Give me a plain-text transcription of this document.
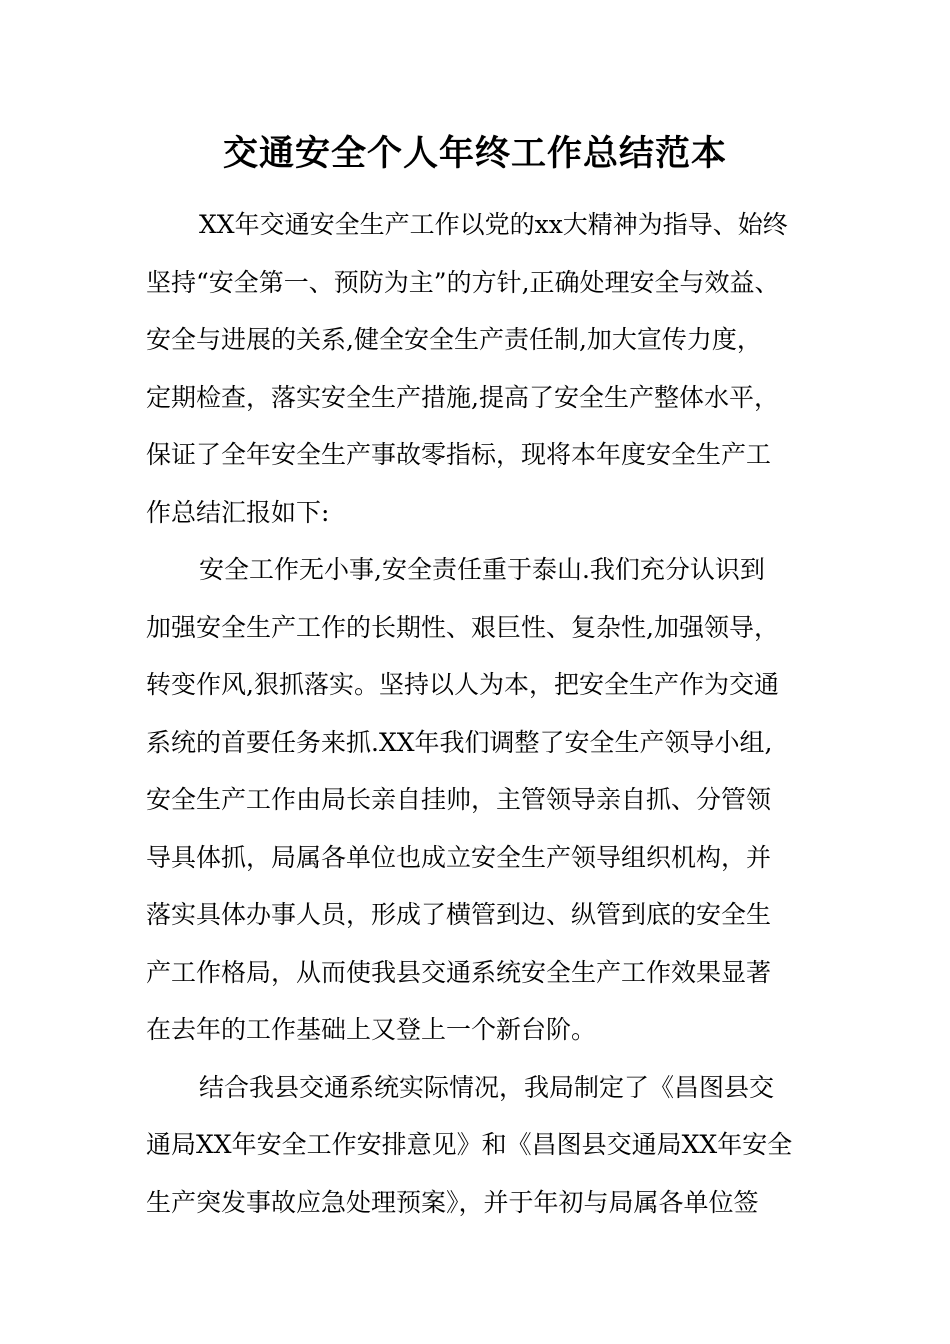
交通安全个人年终工作总结范本

XX年交通安全生产工作以党的xx大精神为指导、始终
坚持“安全第一、预防为主”的方针,正确处理安全与效益、
安全与进展的关系,健全安全生产责任制,加大宣传力度，
定期检查，落实安全生产措施,提高了安全生产整体水平，
保证了全年安全生产事故零指标，现将本年度安全生产工
作总结汇报如下:

安全工作无小事,安全责任重于泰山.我们充分认识到
加强安全生产工作的长期性、艰巨性、复杂性,加强领导，
转变作风,狠抓落实。坚持以人为本，把安全生产作为交通
系统的首要任务来抓.XX年我们调整了安全生产领导小组,
安全生产工作由局长亲自挂帅，主管领导亲自抓、分管领
导具体抓，局属各单位也成立安全生产领导组织机构，并
落实具体办事人员，形成了横管到边、纵管到底的安全生
产工作格局，从而使我县交通系统安全生产工作效果显著
在去年的工作基础上又登上一个新台阶。

结合我县交通系统实际情况，我局制定了《昌图县交
通局XX年安全工作安排意见》和《昌图县交通局XX年安全
生产突发事故应急处理预案》，并于年初与局属各单位签
